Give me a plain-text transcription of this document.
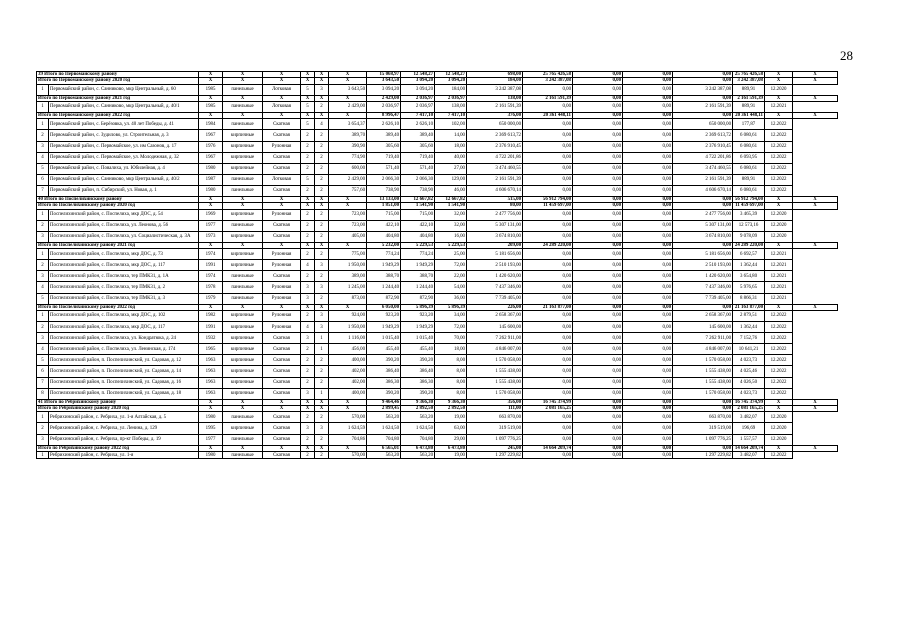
28
39 Итого по Первомайскому району		X	X	X	X	X	X	15 068,97	12 548,27	12 548,27	698,00	25 765 426,58	0,00	0,00	0,00	25 765 426,58	X	X
Итого по Первомайскому району 2020 год		X	X	X	X	X	X	3 643,50	3 094,20	3 094,20	184,00	3 242 387,08	0,00	0,00	0,00	3 242 387,08	X	X
1	Первомайский район, с. Санниково, мкр Центральный, д. 60	1985	панельные	Лотковая	5	3	3 643,50	3 094,20	3 094,20	184,00	3 242 387,08	0,00	0,00	0,00	3 242 387,08	889,91	12.2020	
Итого по Первомайскому району 2021 год		X	X	X	X	X	X	2 429,00	2 036,97	2 036,97	138,00	2 161 591,39	0,00	0,00	0,00	2 161 591,39	X	X
1	Первомайский район, с. Санниково, мкр Центральный, д. 40/1	1985	панельные	Лотковая	5	2	2 429,00	2 036,97	2 036,97	138,00	2 161 591,39	0,00	0,00	0,00	2 161 591,39	889,91	12.2021	
Итого по Первомайскому району 2022 год		X	X	X	X	X	X	8 996,47	7 417,10	7 417,10	376,00	20 361 448,11	0,00	0,00	0,00	20 361 448,11	X	X
1	Первомайский район, с. Берёзовка, ул. 40 лет Победы, д. 41	1984	панельные	Скатная	5	4	3 654,37	2 626,10	2 626,10	102,00	650 000,00	0,00	0,00	0,00	650 000,00	177,87	12.2022	
2	Первомайский район, с. Зудилово, ул. Строительная, д. 3	1967	кирпичные	Скатная	2	2	389,70	389,40	389,40	14,00	2 369 613,72	0,00	0,00	0,00	2 369 613,72	6 080,61	12.2022	
3	Первомайский район, с. Первомайское, ул. им Сазонов, д. 17	1976	кирпичные	Рулонная	2	2	390,90	305,60	305,60	18,00	2 376 910,45	0,00	0,00	0,00	2 376 910,45	6 080,61	12.2022	
4	Первомайский район, с. Первомайское, ул. Молодежная, д. 32	1967	кирпичные	Скатная	2	2	774,90	719,40	719,40	40,00	4 722 201,86	0,00	0,00	0,00	4 722 201,86	6 093,95	12.2022	
5	Первомайский район, с. Повалиха, ул. Юбилейная, д. 4	1980	кирпичные	Скатная	2	2	600,00	571,40	571,40	27,00	3 474 460,55	0,00	0,00	0,00	3 474 460,55	6 080,61	12.2022	
6	Первомайский район, с. Санниково, мкр Центральный, д. 40/2	1987	панельные	Лотковая	5	2	2 429,00	2 066,30	2 066,30	129,00	2 161 591,39	0,00	0,00	0,00	2 161 591,39	889,91	12.2022	
7	Первомайский район, п. Сибирский, ул. Новая, д. 1	1980	панельные	Скатная	2	2	757,60	738,90	738,90	46,00	4 606 670,14	0,00	0,00	0,00	4 606 670,14	6 080,61	12.2022	
40 Итого по Поспелихинскому району		X	X	X	X	X	X	13 133,00	12 667,82	12 667,82	515,00	56 912 794,00	0,00	0,00	0,00	56 912 794,00	X	X
Итого по Поспелихинскому району 2020 год		X	X	X	X	X	X	1 851,00	1 541,90	1 541,90	80,00	11 459 697,00	0,00	0,00	0,00	11 459 697,00	X	X
1	Поспелихинский район, с. Поспелиха, мкр ДОС, д. 54	1969	кирпичные	Рулонная	2	2	723,00	715,00	715,00	32,00	2 477 756,00	0,00	0,00	0,00	2 477 756,00	3 465,39	12.2020	
2	Поспелихинский район, с. Поспелиха, ул. Леонова, д. 56	1977	панельные	Скатная	2	2	723,00	422,10	422,10	32,00	5 307 131,00	0,00	0,00	0,00	5 307 131,00	12 573,16	12.2020	
3	Поспелихинский район, с. Поспелиха, ул. Социалистическая, д. 3А	1973	кирпичные	Скатная	2	2	405,00	404,80	404,80	16,00	3 674 810,00	0,00	0,00	0,00	3 674 810,00	9 078,09	12.2020	
Итого по Поспелихинскому району 2021 год		X	X	X	X	X	X	5 232,00	5 229,53	5 229,53	209,00	24 289 220,00	0,00	0,00	0,00	24 289 220,00	X	X
1	Поспелихинский район, с. Поспелиха, мкр ДОС, д. 73	1974	кирпичные	Рулонная	2	2	775,00	774,24	774,24	25,00	5 181 656,00	0,00	0,00	0,00	5 181 656,00	6 692,57	12.2021	
2	Поспелихинский район, с. Поспелиха, мкр ДОС, д. 117	1991	кирпичные	Рулонная	4	3	1 950,00	1 949,29	1 949,29	72,00	2 510 193,00	0,00	0,00	0,00	2 510 193,00	1 362,44	12.2021	
3	Поспелихинский район, с. Поспелиха, тер ПМК31, д. 1А	1974	панельные	Скатная	2	2	389,00	388,70	388,70	22,00	1 420 620,00	0,00	0,00	0,00	1 420 620,00	3 654,80	12.2021	
4	Поспелихинский район, с. Поспелиха, тер ПМК31, д. 2	1978	панельные	Рулонная	3	3	1 245,00	1 244,40	1 244,40	54,00	7 437 346,00	0,00	0,00	0,00	7 437 346,00	5 976,65	12.2021	
5	Поспелихинский район, с. Поспелиха, тер ПМК31, д. 3	1979	панельные	Рулонная	3	2	873,00	872,90	872,90	36,00	7 739 405,00	0,00	0,00	0,00	7 739 405,00	8 866,31	12.2021	
Итого по Поспелихинскому району 2022 год		X	X	X	X	X	X	6 050,00	5 896,39	5 896,39	226,00	21 163 877,00	0,00	0,00	0,00	21 163 877,00	X	X
1	Поспелихинский район, с. Поспелиха, мкр ДОС, д. 102	1982	кирпичные	Рулонная	2	3	924,00	923,20	923,20	34,00	2 658 367,00	0,00	0,00	0,00	2 658 367,00	2 879,51	12.2022	
2	Поспелихинский район, с. Поспелиха, мкр ДОС, д. 117	1991	кирпичные	Рулонная	4	3	1 950,00	1 949,29	1 949,29	72,00	145 600,00	0,00	0,00	0,00	145 600,00	1 362,44	12.2022	
3	Поспелихинский район, с. Поспелиха, ул. Кондратюка, д. 24	1932	кирпичные	Скатная	3	1	1 116,00	1 015,40	1 015,40	70,00	7 262 911,00	0,00	0,00	0,00	7 262 911,00	7 152,76	12.2022	
4	Поспелихинский район, с. Поспелиха, ул. Ленинская, д. 174	1965	кирпичные	Скатная	2	1	456,00	455,40	455,40	18,00	4 846 007,00	0,00	0,00	0,00	4 846 007,00	10 641,21	12.2022	
5	Поспелихинский район, п. Поспелихинский, ул. Садовая, д. 12	1963	кирпичные	Скатная	2	2	400,00	390,20	390,20	8,00	1 570 058,00	0,00	0,00	0,00	1 570 058,00	4 023,73	12.2022	
6	Поспелихинский район, п. Поспелихинский, ул. Садовая, д. 14	1963	кирпичные	Скатная	2	2	402,00	386,40	386,40	8,00	1 555 438,00	0,00	0,00	0,00	1 555 438,00	4 025,46	12.2022	
7	Поспелихинский район, п. Поспелихинский, ул. Садовая, д. 16	1963	кирпичные	Скатная	2	2	402,00	386,30	386,30	8,00	1 555 438,00	0,00	0,00	0,00	1 555 438,00	4 026,50	12.2022	
8	Поспелихинский район, п. Поспелихинский, ул. Садовая, д. 18	1963	кирпичные	Скатная	3	1	400,00	390,20	390,20	8,00	1 570 058,00	0,00	0,00	0,00	1 570 058,00	4 023,73	12.2022	
41 Итого по Ребрихинскому району		X	X	X	X	X	X	9 464,46	9 366,30	9 366,30	356,00	16 745 374,99	0,00	0,00	0,00	16 745 374,99	X	X
Итого по Ребрихинскому району 2020 год		X	X	X	X	X	X	2 899,45	2 892,50	2 892,50	111,00	2 081 165,25	0,00	0,00	0,00	2 081 165,25	X	X
1	Ребрихинский район, с. Ребриха, ул. 1-я Алтайская, д. 5	1980	панельные	Скатная	2	2	570,00	563,20	563,20	19,00	663 870,00	0,00	0,00	0,00	663 870,00	3 482,07	12.2020	
2	Ребрихинский район, с. Ребриха, ул. Ленина, д. 129	1995	кирпичные	Скатная	3	3	1 624,59	1 624,50	1 624,50	63,00	319 519,00	0,00	0,00	0,00	319 519,00	196,69	12.2020	
3	Ребрихинский район, с. Ребриха, пр-кт Победы, д. 19	1977	панельные	Скатная	2	2	704,86	704,80	704,80	29,00	1 097 776,25	0,00	0,00	0,00	1 097 776,25	1 557,57	12.2020	
Итого по Ребрихинскому району 2022 год		X	X	X	X	X	X	6 565,01	6 473,80	6 473,80	245,00	14 664 209,74	0,00	0,00	0,00	14 664 209,74	X	X
1	Ребрихинский район, с. Ребриха, ул. 1-я	1980	панельные	Скатная	2	2	570,00	563,20	563,20	19,00	1 297 229,82	0,00	0,00	0,00	1 297 229,82	3 482,07	12.2022	
